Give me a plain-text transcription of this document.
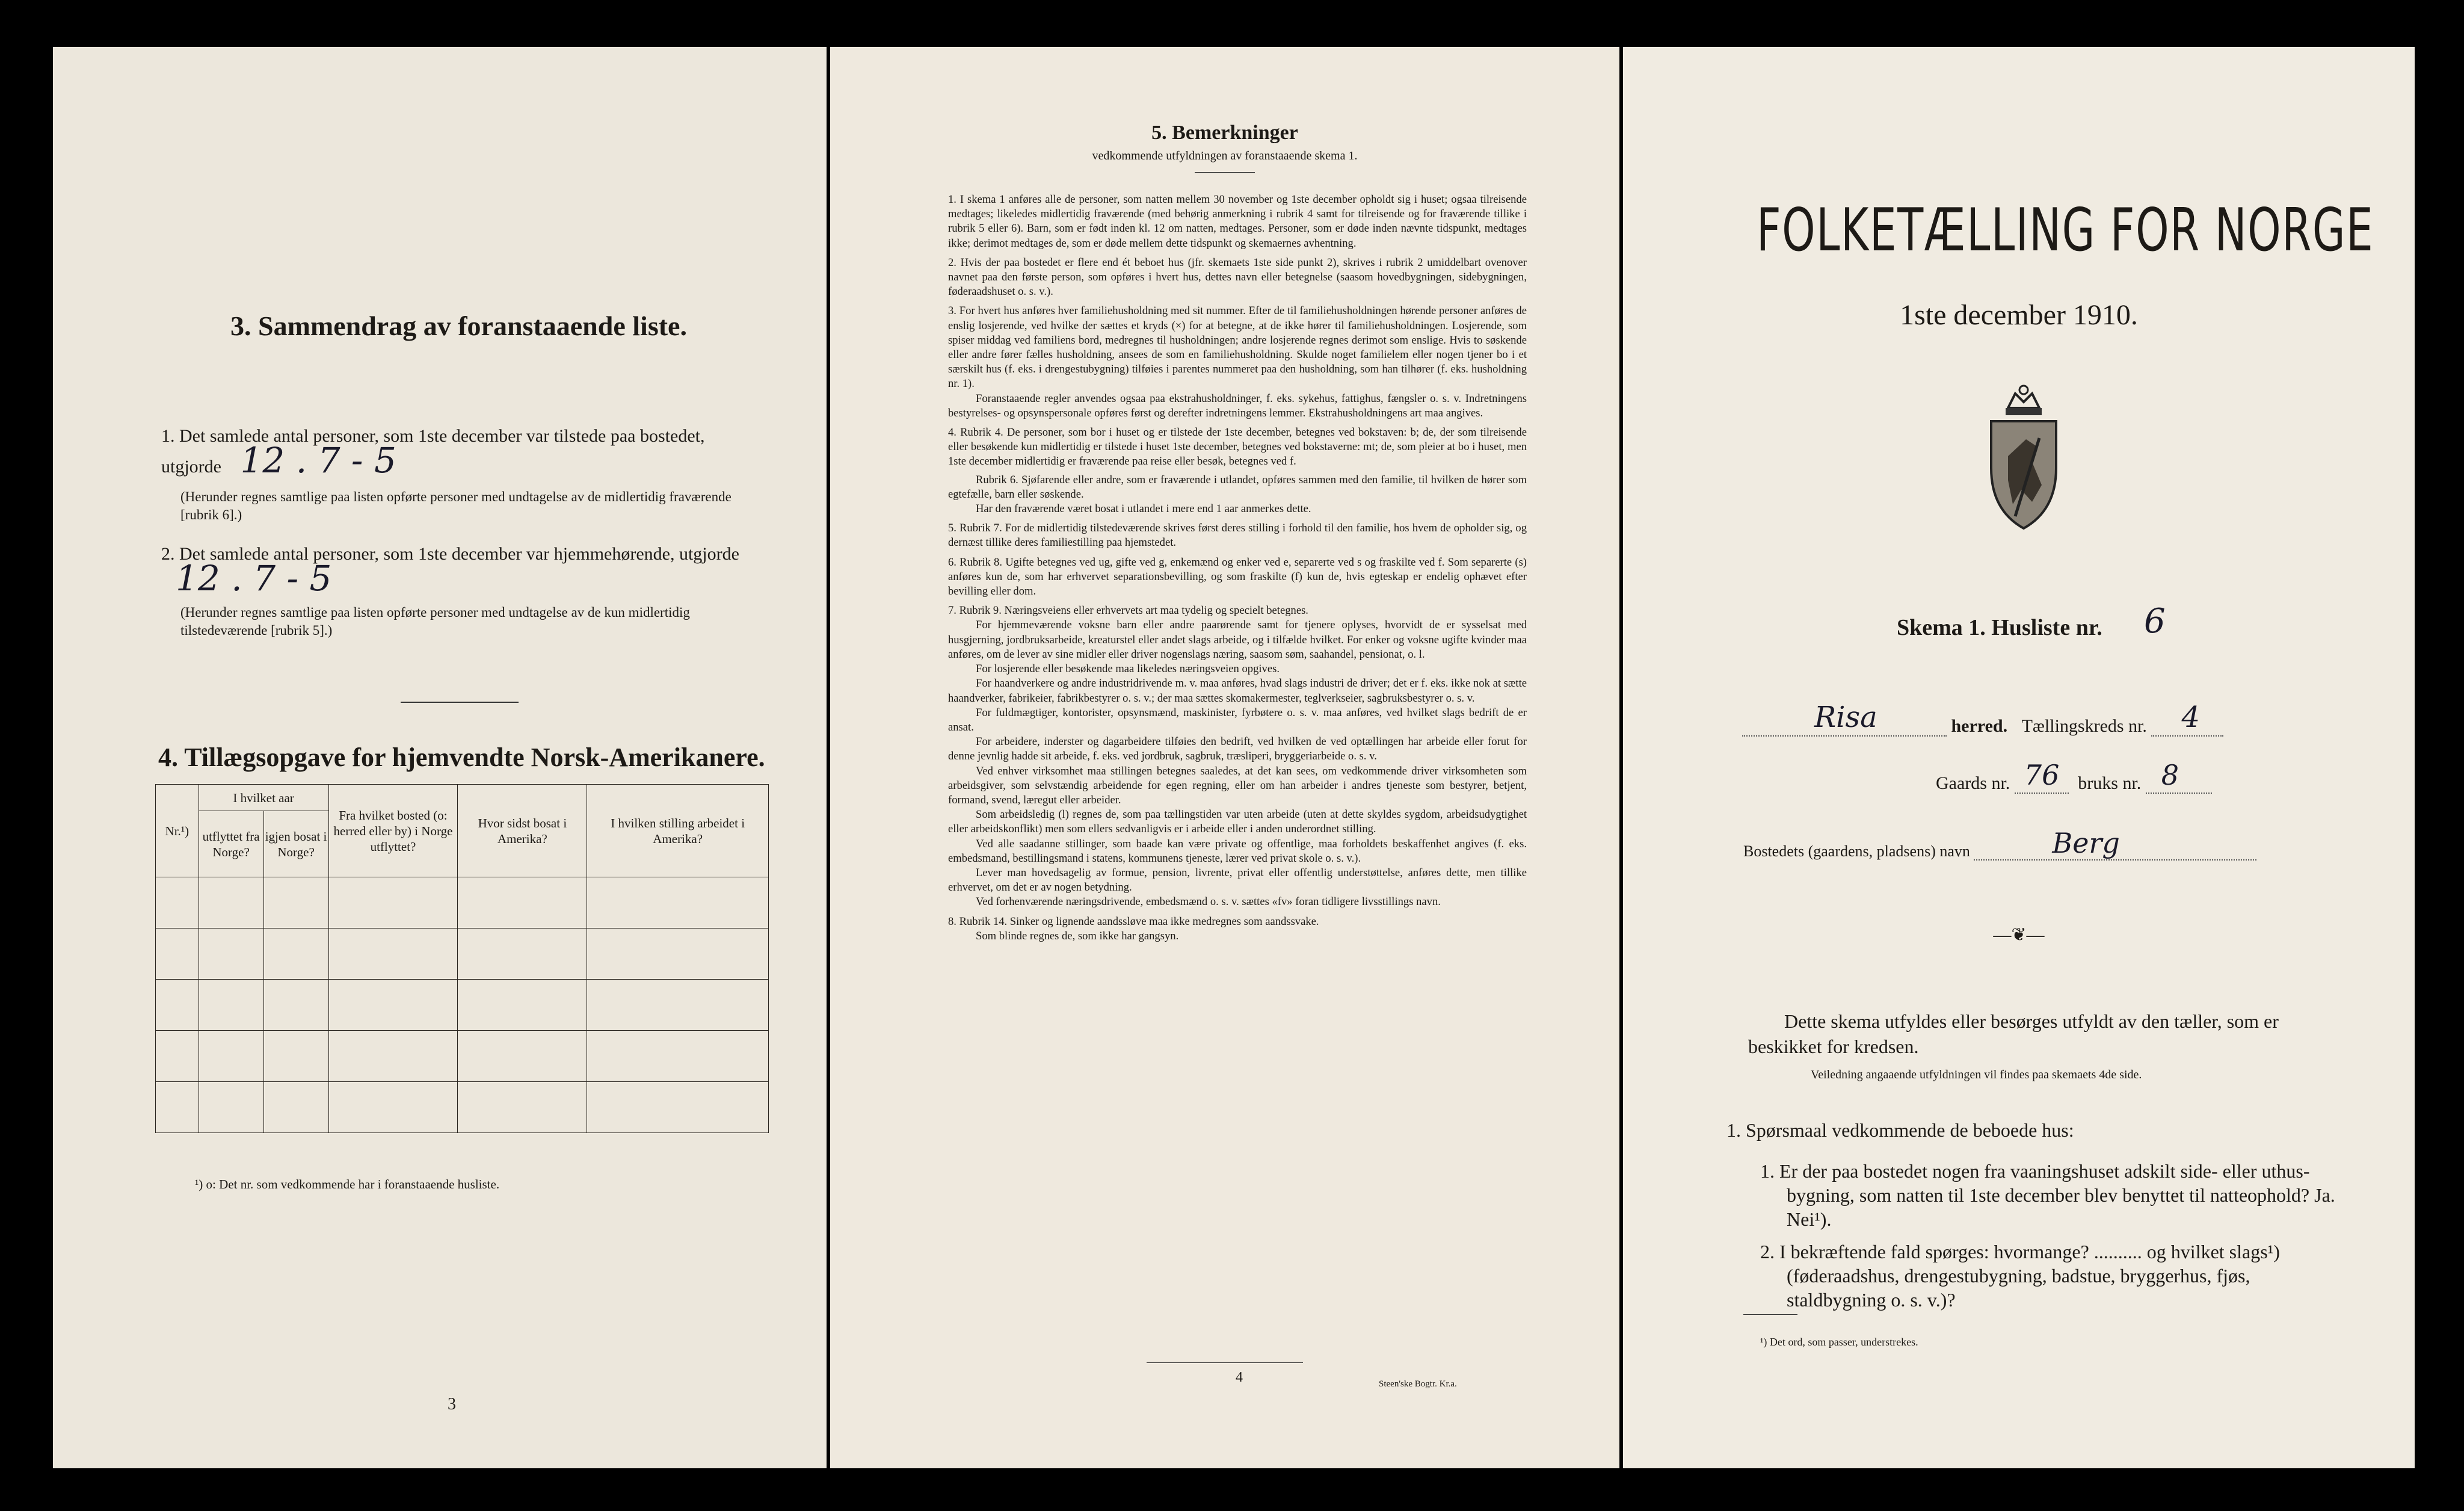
3. Sammendrag av foranstaaende liste.
1. Det samlede antal personer, som 1ste december var tilstede paa bostedet, utgjorde 12 . 7 - 5
(Herunder regnes samtlige paa listen opførte personer med undtagelse av de midlertidig fraværende [rubrik 6].)
2. Det samlede antal personer, som 1ste december var hjemmehørende, utgjorde 12 . 7 - 5
(Herunder regnes samtlige paa listen opførte personer med undtagelse av de kun midlertidig tilstedeværende [rubrik 5].)
4. Tillægsopgave for hjemvendte Norsk-Amerikanere.
Nr.¹)	I hvilket aar		Fra hvilket bosted (o: herred eller by) i Norge utflyttet?	Hvor sidst bosat i Amerika?	I hvilken stilling arbeidet i Amerika?
	utflyttet fra Norge?	igjen bosat i Norge?			

¹) o: Det nr. som vedkommende har i foranstaaende husliste.
3
5. Bemerkninger
vedkommende utfyldningen av foranstaaende skema 1.

1. I skema 1 anføres alle de personer, som natten mellem 30 november og 1ste december opholdt sig i huset; ogsaa tilreisende medtages; likeledes midlertidig fraværende (med behørig anmerkning i rubrik 4 samt for tilreisende og for fraværende tillike i rubrik 5 eller 6). Barn, som er født inden kl. 12 om natten, medtages. Personer, som er døde inden nævnte tidspunkt, medtages ikke; derimot medtages de, som er døde mellem dette tidspunkt og skemaernes avhentning.

2. Hvis der paa bostedet er flere end ét beboet hus (jfr. skemaets 1ste side punkt 2), skrives i rubrik 2 umiddelbart ovenover navnet paa den første person, som opføres i hvert hus, dettes navn eller betegnelse (saasom hovedbygningen, sidebygningen, føderaadshuset o. s. v.).

3. For hvert hus anføres hver familiehusholdning med sit nummer. Efter de til familiehusholdningen hørende personer anføres de enslig losjerende, ved hvilke der sættes et kryds (×) for at betegne, at de ikke hører til familiehusholdningen. Losjerende, som spiser middag ved familiens bord, medregnes til husholdningen; andre losjerende regnes derimot som enslige. Hvis to søskende eller andre fører fælles husholdning, ansees de som en familiehusholdning. Skulde noget familielem eller nogen tjener bo i et særskilt hus (f. eks. i drengestubygning) tilføies i parentes nummeret paa den husholdning, som han tilhører (f. eks. husholdning nr. 1).

Foranstaaende regler anvendes ogsaa paa ekstrahusholdninger, f. eks. sykehus, fattighus, fængsler o. s. v. Indretningens bestyrelses- og opsynspersonale opføres først og derefter indretningens lemmer. Ekstrahusholdningens art maa angives.

4. Rubrik 4. De personer, som bor i huset og er tilstede der 1ste december, betegnes ved bokstaven: b; de, der som tilreisende eller besøkende kun midlertidig er tilstede i huset 1ste december, betegnes ved bokstaverne: mt; de, som pleier at bo i huset, men 1ste december midlertidig er fraværende paa reise eller besøk, betegnes ved f.

Rubrik 6. Sjøfarende eller andre, som er fraværende i utlandet, opføres sammen med den familie, til hvilken de hører som egtefælle, barn eller søskende.

Har den fraværende været bosat i utlandet i mere end 1 aar anmerkes dette.

5. Rubrik 7. For de midlertidig tilstedeværende skrives først deres stilling i forhold til den familie, hos hvem de opholder sig, og dernæst tillike deres familiestilling paa hjemstedet.

6. Rubrik 8. Ugifte betegnes ved ug, gifte ved g, enkemænd og enker ved e, separerte ved s og fraskilte ved f. Som separerte (s) anføres kun de, som har erhvervet separationsbevilling, og som fraskilte (f) kun de, hvis egteskap er endelig ophævet efter bevilling eller dom.

7. Rubrik 9. Næringsveiens eller erhvervets art maa tydelig og specielt betegnes.

For hjemmeværende voksne barn eller andre paarørende samt for tjenere oplyses, hvorvidt de er sysselsat med husgjerning, jordbruksarbeide, kreaturstel eller andet slags arbeide, og i tilfælde hvilket. For enker og voksne ugifte kvinder maa anføres, om de lever av sine midler eller driver nogenslags næring, saasom søm, saahandel, pensionat, o. l.

For losjerende eller besøkende maa likeledes næringsveien opgives.

For haandverkere og andre industridrivende m. v. maa anføres, hvad slags industri de driver; det er f. eks. ikke nok at sætte haandverker, fabrikeier, fabrikbestyrer o. s. v.; der maa sættes skomakermester, teglverkseier, sagbruksbestyrer o. s. v.

For fuldmægtiger, kontorister, opsynsmænd, maskinister, fyrbøtere o. s. v. maa anføres, ved hvilket slags bedrift de er ansat.

For arbeidere, inderster og dagarbeidere tilføies den bedrift, ved hvilken de ved optællingen har arbeide eller forut for denne jevnlig hadde sit arbeide, f. eks. ved jordbruk, sagbruk, træsliperi, bryggeriarbeide o. s. v.

Ved enhver virksomhet maa stillingen betegnes saaledes, at det kan sees, om vedkommende driver virksomheten som arbeidsgiver, som selvstændig arbeidende for egen regning, eller om han arbeider i andres tjeneste som bestyrer, betjent, formand, svend, læregut eller arbeider.

Som arbeidsledig (l) regnes de, som paa tællingstiden var uten arbeide (uten at dette skyldes sygdom, arbeidsudygtighet eller arbeidskonflikt) men som ellers sedvanligvis er i arbeide eller i anden underordnet stilling.

Ved alle saadanne stillinger, som baade kan være private og offentlige, maa forholdets beskaffenhet angives (f. eks. embedsmand, bestillingsmand i statens, kommunens tjeneste, lærer ved privat skole o. s. v.).

Lever man hovedsagelig av formue, pension, livrente, privat eller offentlig understøttelse, anføres dette, men tillike erhvervet, om det er av nogen betydning.

Ved forhenværende næringsdrivende, embedsmænd o. s. v. sættes «fv» foran tidligere livsstillings navn.

8. Rubrik 14. Sinker og lignende aandssløve maa ikke medregnes som aandssvake.

Som blinde regnes de, som ikke har gangsyn.

4	Steen'ske Bogtr. Kr.a.
FOLKETÆLLING FOR NORGE
1ste december 1910.
Skema 1. Husliste nr. 6
Risa	herred. Tællingskreds nr. 4
Gaards nr. 76 bruks nr. 8
Bostedets (gaardens, pladsens) navn	Berg
—❦—
Dette skema utfyldes eller besørges utfyldt av den tæller, som er beskikket for kredsen.
Veiledning angaaende utfyldningen vil findes paa skemaets 4de side.
1. Spørsmaal vedkommende de beboede hus:
1. Er der paa bostedet nogen fra vaaningshuset adskilt side- eller uthus-bygning, som natten til 1ste december blev benyttet til natteophold? Ja. Nei¹).
2. I bekræftende fald spørges: hvormange? .......... og hvilket slags¹) (føderaadshus, drengestubygning, badstue, bryggerhus, fjøs, staldbygning o. s. v.)?
¹) Det ord, som passer, understrekes.
